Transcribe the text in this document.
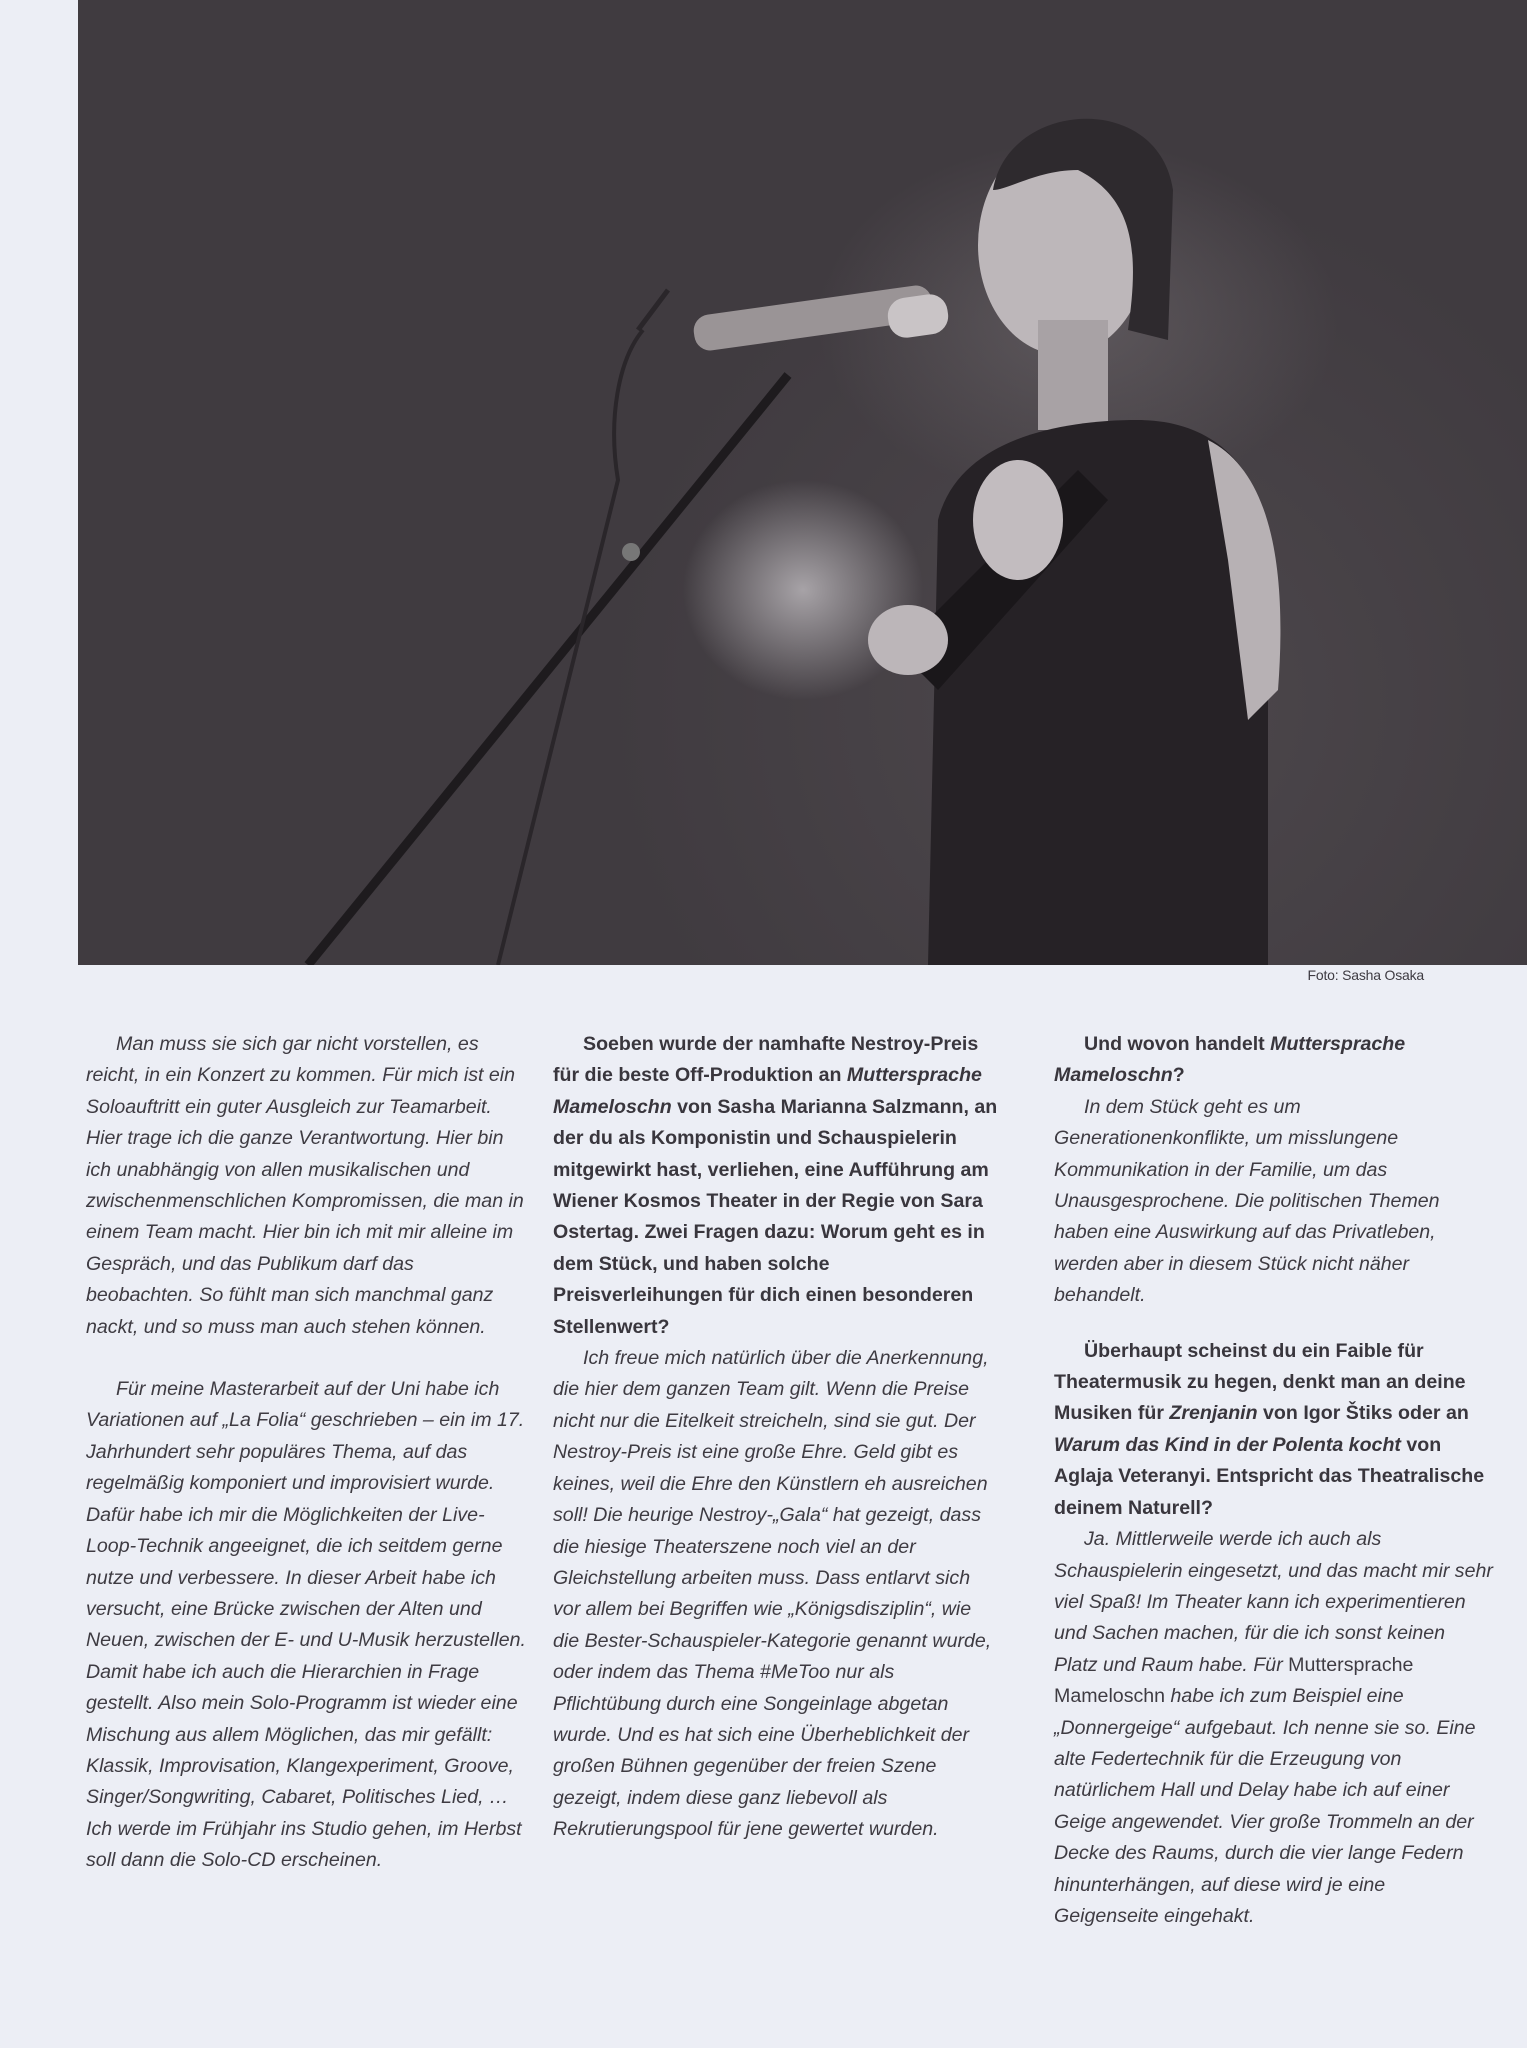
Foto: Sasha Osaka

Man muss sie sich gar nicht vorstellen, es reicht, in ein Konzert zu kommen. Für mich ist ein Soloauftritt ein guter Ausgleich zur Teamarbeit. Hier trage ich die ganze Verantwortung. Hier bin ich unabhängig von allen musikalischen und zwischenmenschlichen Kompromissen, die man in einem Team macht. Hier bin ich mit mir alleine im Gespräch, und das Publikum darf das beobachten. So fühlt man sich manchmal ganz nackt, und so muss man auch stehen können.

Für meine Masterarbeit auf der Uni habe ich Variationen auf „La Folia“ geschrieben – ein im 17. Jahrhundert sehr populäres Thema, auf das regelmäßig komponiert und improvisiert wurde. Dafür habe ich mir die Möglichkeiten der Live-Loop-Technik angeeignet, die ich seitdem gerne nutze und verbessere. In dieser Arbeit habe ich versucht, eine Brücke zwischen der Alten und Neuen, zwischen der E- und U-Musik herzustellen. Damit habe ich auch die Hierarchien in Frage gestellt. Also mein Solo-Programm ist wieder eine Mischung aus allem Möglichen, das mir gefällt: Klassik, Improvisation, Klangexperiment, Groove, Singer/Songwriting, Cabaret, Politisches Lied, … Ich werde im Frühjahr ins Studio gehen, im Herbst soll dann die Solo-CD erscheinen.

Soeben wurde der namhafte Nestroy-Preis für die beste Off-Produktion an Muttersprache Mameloschn von Sasha Marianna Salzmann, an der du als Komponistin und Schauspielerin mitgewirkt hast, verliehen, eine Aufführung am Wiener Kosmos Theater in der Regie von Sara Ostertag. Zwei Fragen dazu: Worum geht es in dem Stück, und haben solche Preisverleihungen für dich einen besonderen Stellenwert?

Ich freue mich natürlich über die Anerkennung, die hier dem ganzen Team gilt. Wenn die Preise nicht nur die Eitelkeit streicheln, sind sie gut. Der Nestroy-Preis ist eine große Ehre. Geld gibt es keines, weil die Ehre den Künstlern eh ausreichen soll! Die heurige Nestroy-„Gala“ hat gezeigt, dass die hiesige Theaterszene noch viel an der Gleichstellung arbeiten muss. Dass entlarvt sich vor allem bei Begriffen wie „Königsdisziplin“, wie die Bester-Schauspieler-Kategorie genannt wurde, oder indem das Thema #MeToo nur als Pflichtübung durch eine Songeinlage abgetan wurde. Und es hat sich eine Überheblichkeit der großen Bühnen gegenüber der freien Szene gezeigt, indem diese ganz liebevoll als Rekrutierungspool für jene gewertet wurden.

Und wovon handelt Muttersprache Mameloschn?

In dem Stück geht es um Generationenkonflikte, um misslungene Kommunikation in der Familie, um das Unausgesprochene. Die politischen Themen haben eine Auswirkung auf das Privatleben, werden aber in diesem Stück nicht näher behandelt.

Überhaupt scheinst du ein Faible für Theatermusik zu hegen, denkt man an deine Musiken für Zrenjanin von Igor Štiks oder an Warum das Kind in der Polenta kocht von Aglaja Veteranyi. Entspricht das Theatralische deinem Naturell?

Ja. Mittlerweile werde ich auch als Schauspielerin eingesetzt, und das macht mir sehr viel Spaß! Im Theater kann ich experimentieren und Sachen machen, für die ich sonst keinen Platz und Raum habe. Für Muttersprache Mameloschn habe ich zum Beispiel eine „Donnergeige“ aufgebaut. Ich nenne sie so. Eine alte Federtechnik für die Erzeugung von natürlichem Hall und Delay habe ich auf einer Geige angewendet. Vier große Trommeln an der Decke des Raums, durch die vier lange Federn hinunterhängen, auf diese wird je eine Geigenseite eingehakt.
